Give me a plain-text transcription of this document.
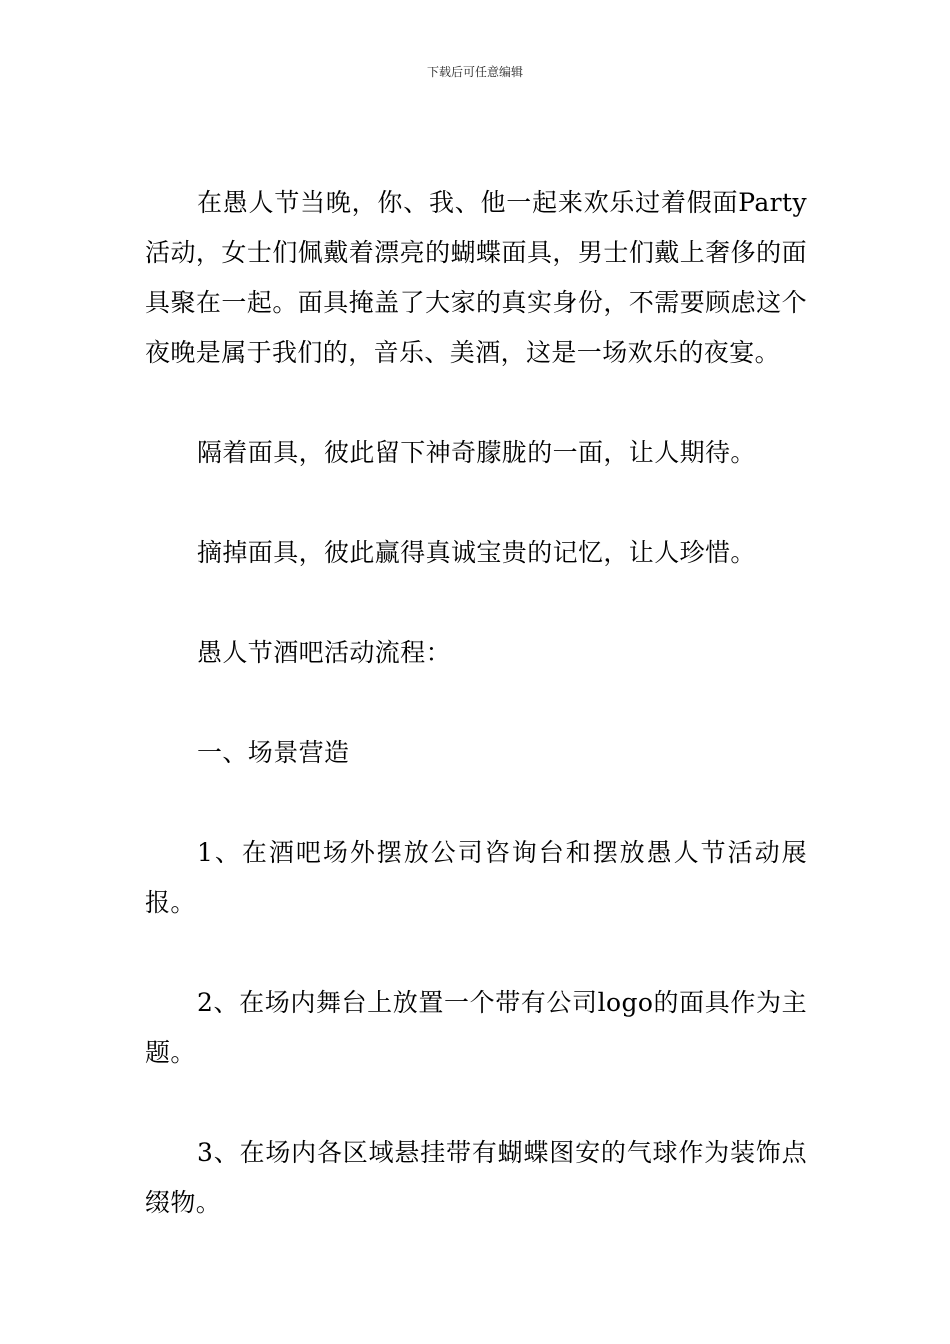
下载后可任意编辑

在愚人节当晚，你、我、他一起来欢乐过着假面Party活动，女士们佩戴着漂亮的蝴蝶面具，男士们戴上奢侈的面具聚在一起。面具掩盖了大家的真实身份，不需要顾虑这个夜晚是属于我们的，音乐、美酒，这是一场欢乐的夜宴。

隔着面具，彼此留下神奇朦胧的一面，让人期待。

摘掉面具，彼此赢得真诚宝贵的记忆，让人珍惜。

愚人节酒吧活动流程：

一、场景营造

1、在酒吧场外摆放公司咨询台和摆放愚人节活动展报。

2、在场内舞台上放置一个带有公司logo的面具作为主题。

3、在场内各区域悬挂带有蝴蝶图安的气球作为装饰点缀物。
